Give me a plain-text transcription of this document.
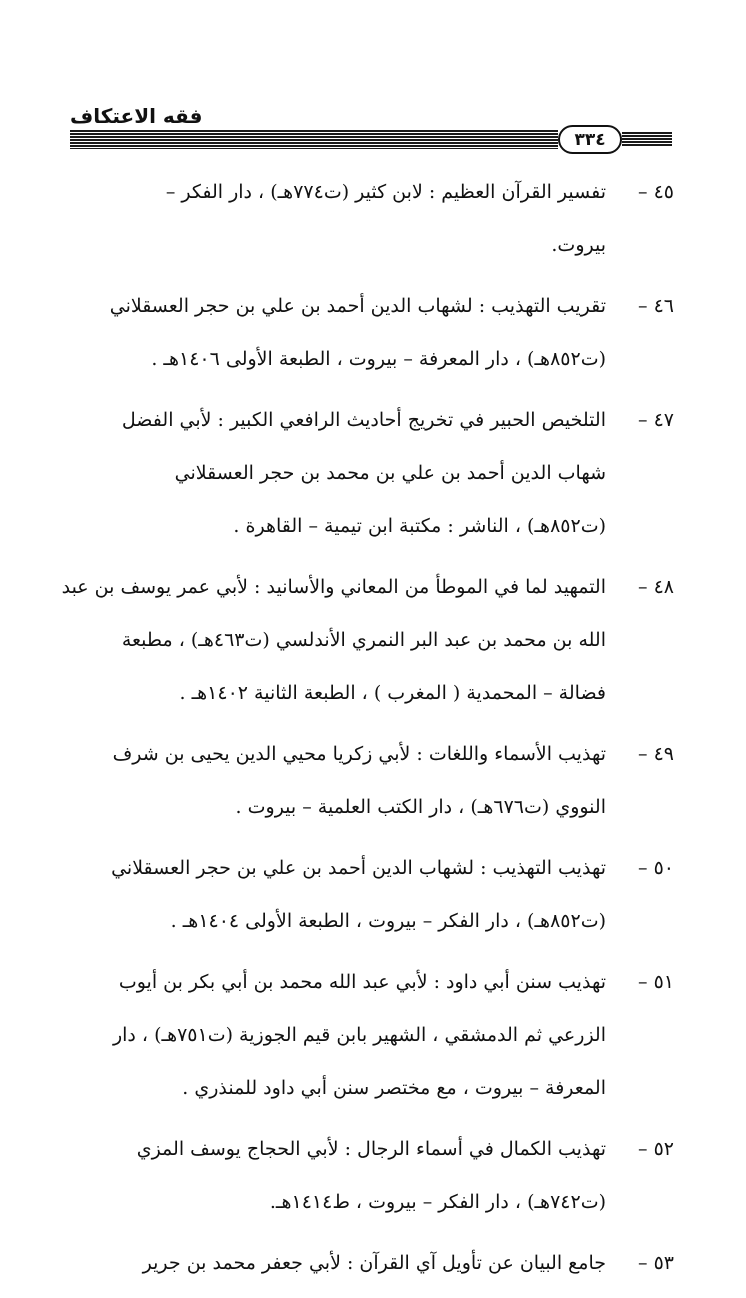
فقه الاعتكاف
٣٣٤
٤٥ –
تفسير القرآن العظيم : لابن كثير (ت٧٧٤هـ) ، دار الفكر –
بيروت.
٤٦ –
تقريب التهذيب : لشهاب الدين أحمد بن علي بن حجر العسقلاني
(ت٨٥٢هـ) ، دار المعرفة – بيروت ، الطبعة الأولى ١٤٠٦هـ .
٤٧ –
التلخيص الحبير في تخريج أحاديث الرافعي الكبير : لأبي الفضل
شهاب الدين أحمد بن علي بن محمد بن حجر العسقلاني
(ت٨٥٢هـ) ، الناشر : مكتبة ابن تيمية – القاهرة .
٤٨ –
التمهيد لما في الموطأ من المعاني والأسانيد : لأبي عمر يوسف بن عبد
الله بن محمد بن عبد البر النمري الأندلسي (ت٤٦٣هـ) ، مطبعة
فضالة – المحمدية ( المغرب ) ، الطبعة الثانية ١٤٠٢هـ .
٤٩ –
تهذيب الأسماء واللغات : لأبي زكريا محيي الدين يحيى بن شرف
النووي (ت٦٧٦هـ) ، دار الكتب العلمية – بيروت .
٥٠ –
تهذيب التهذيب : لشهاب الدين أحمد بن علي بن حجر العسقلاني
(ت٨٥٢هـ) ، دار الفكر – بيروت ، الطبعة الأولى ١٤٠٤هـ .
٥١ –
تهذيب سنن أبي داود : لأبي عبد الله محمد بن أبي بكر بن أيوب
الزرعي ثم الدمشقي ، الشهير بابن قيم الجوزية (ت٧٥١هـ) ، دار
المعرفة – بيروت ، مع مختصر سنن أبي داود للمنذري .
٥٢ –
تهذيب الكمال في أسماء الرجال : لأبي الحجاج يوسف المزي
(ت٧٤٢هـ) ، دار الفكر – بيروت ، ط١٤١٤هـ.
٥٣ –
جامع البيان عن تأويل آي القرآن : لأبي جعفر محمد بن جرير
